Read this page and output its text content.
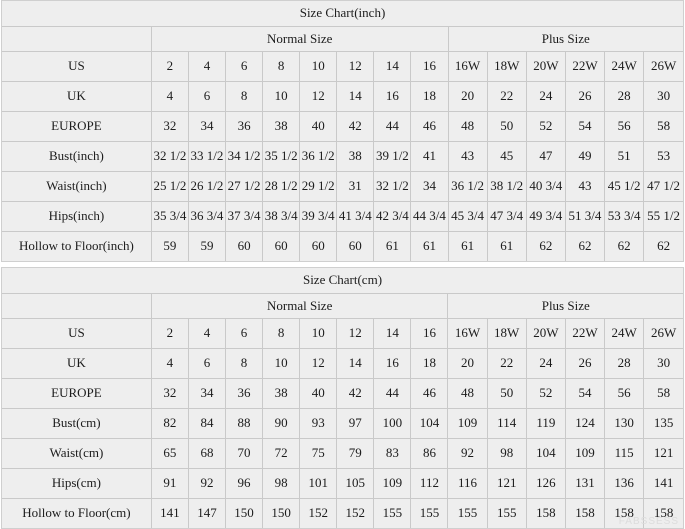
Size Chart(inch)														
	Normal Size								Plus Size					
US	2	4	6	8	10	12	14	16	16W	18W	20W	22W	24W	26W
UK	4	6	8	10	12	14	16	18	20	22	24	26	28	30
EUROPE	32	34	36	38	40	42	44	46	48	50	52	54	56	58
Bust(inch)	32 1/2	33 1/2	34 1/2	35 1/2	36 1/2	38	39 1/2	41	43	45	47	49	51	53
Waist(inch)	25 1/2	26 1/2	27 1/2	28 1/2	29 1/2	31	32 1/2	34	36 1/2	38 1/2	40 3/4	43	45 1/2	47 1/2
Hips(inch)	35 3/4	36 3/4	37 3/4	38 3/4	39 3/4	41 3/4	42 3/4	44 3/4	45 3/4	47 3/4	49 3/4	51 3/4	53 3/4	55 1/2
Hollow to Floor(inch)	59	59	60	60	60	60	61	61	61	61	62	62	62	62
Size Chart(cm)														
	Normal Size								Plus Size					
US	2	4	6	8	10	12	14	16	16W	18W	20W	22W	24W	26W
UK	4	6	8	10	12	14	16	18	20	22	24	26	28	30
EUROPE	32	34	36	38	40	42	44	46	48	50	52	54	56	58
Bust(cm)	82	84	88	90	93	97	100	104	109	114	119	124	130	135
Waist(cm)	65	68	70	72	75	79	83	86	92	98	104	109	115	121
Hips(cm)	91	92	96	98	101	105	109	112	116	121	126	131	136	141
Hollow to Floor(cm)	141	147	150	150	152	152	155	155	155	155	158	158	158	158
FABSSESS
